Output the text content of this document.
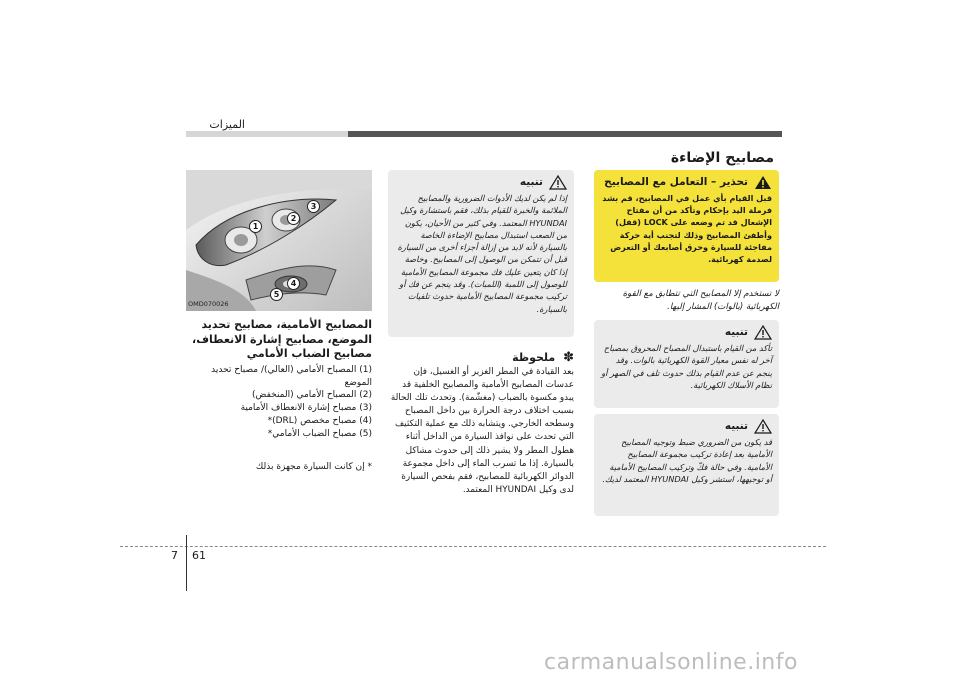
الميزات
مصابيح الإضاءة
تحذير – التعامل مع المصابيح
قبل القيام بأي عمل في المصابيح، قم بشد فرملة اليد بإحكام وتأكد من أن مفتاح الإشعال قد تم وضعه على LOCK (قفل) وأطفئ المصابيح وذلك لتجنب أية حركة مفاجئة للسيارة وحرق أصابعك أو التعرض لصدمة كهربائية.
لا تستخدم إلا المصابيح التي تتطابق مع القوة الكهربائية (بالوات) المشار إليها.
تنبيه
تأكد من القيام باستبدال المصباح المحروق بمصباح آخر له نفس معيار القوة الكهربائية بالوات. وقد ينجم عن عدم القيام بذلك حدوث تلف في الصهر أو نظام الأسلاك الكهربائية.
تنبيه
قد يكون من الضروري ضبط وتوجيه المصابيح الأمامية بعد إعادة تركيب مجموعة المصابيح الأمامية. وفي حالة فكّ وتركيب المصابيح الأمامية أو توجيهها، استشر وكيل HYUNDAI المعتمد لديك.
تنبيه
إذا لم يكن لديك الأدوات الضرورية والمصابيح الملائمة والخبرة للقيام بذلك، فقم باستشارة وكيل HYUNDAI المعتمد. وفي كثير من الأحيان، يكون من الصعب استبدال مصابيح الإضاءة الخاصة بالسيارة لأنه لابد من إزالة أجزاء أخرى من السيارة قبل أن تتمكن من الوصول إلى المصابيح. وخاصة إذا كان يتعين عليك فك مجموعة المصابيح الأمامية للوصول إلى اللمبة (اللمبات). وقد ينجم عن فك أو تركيب مجموعة المصابيح الأمامية حدوث تلفيات بالسيارة.
✽ ملحوظة
بعد القيادة في المطر الغزير أو الغسيل، فإن عدسات المصابيح الأمامية والمصابيح الخلفية قد يبدو مكسوة بالضباب (مغشّمة). وتحدث تلك الحالة بسبب اختلاف درجة الحرارة بين داخل المصباح وسطحه الخارجي. ويتشابه ذلك مع عملية التكثيف التي تحدث على نوافذ السيارة من الداخل أثناء هطول المطر ولا يشير ذلك إلى حدوث مشاكل بالسيارة. إذا ما تسرب الماء إلى داخل مجموعة الدوائر الكهربائية للمصابيح، فقم بفحص السيارة لدى وكيل HYUNDAI المعتمد.
1
2
3
4
5
OMD070026
المصابيح الأمامية، مصابيح تحديد الموضع، مصابيح إشارة الانعطاف، مصابيح الضباب الأمامي
(1) المصباح الأمامي (العالي)/ مصباح تحديد الموضع
(2) المصباح الأمامي (المنخفض)
(3) مصباح إشارة الانعطاف الأمامية
(4) مصباح مخصص (DRL)*
(5) مصباح الضباب الأمامي*
* إن كانت السيارة مجهزة بذلك
7 61
carmanualsonline.info
